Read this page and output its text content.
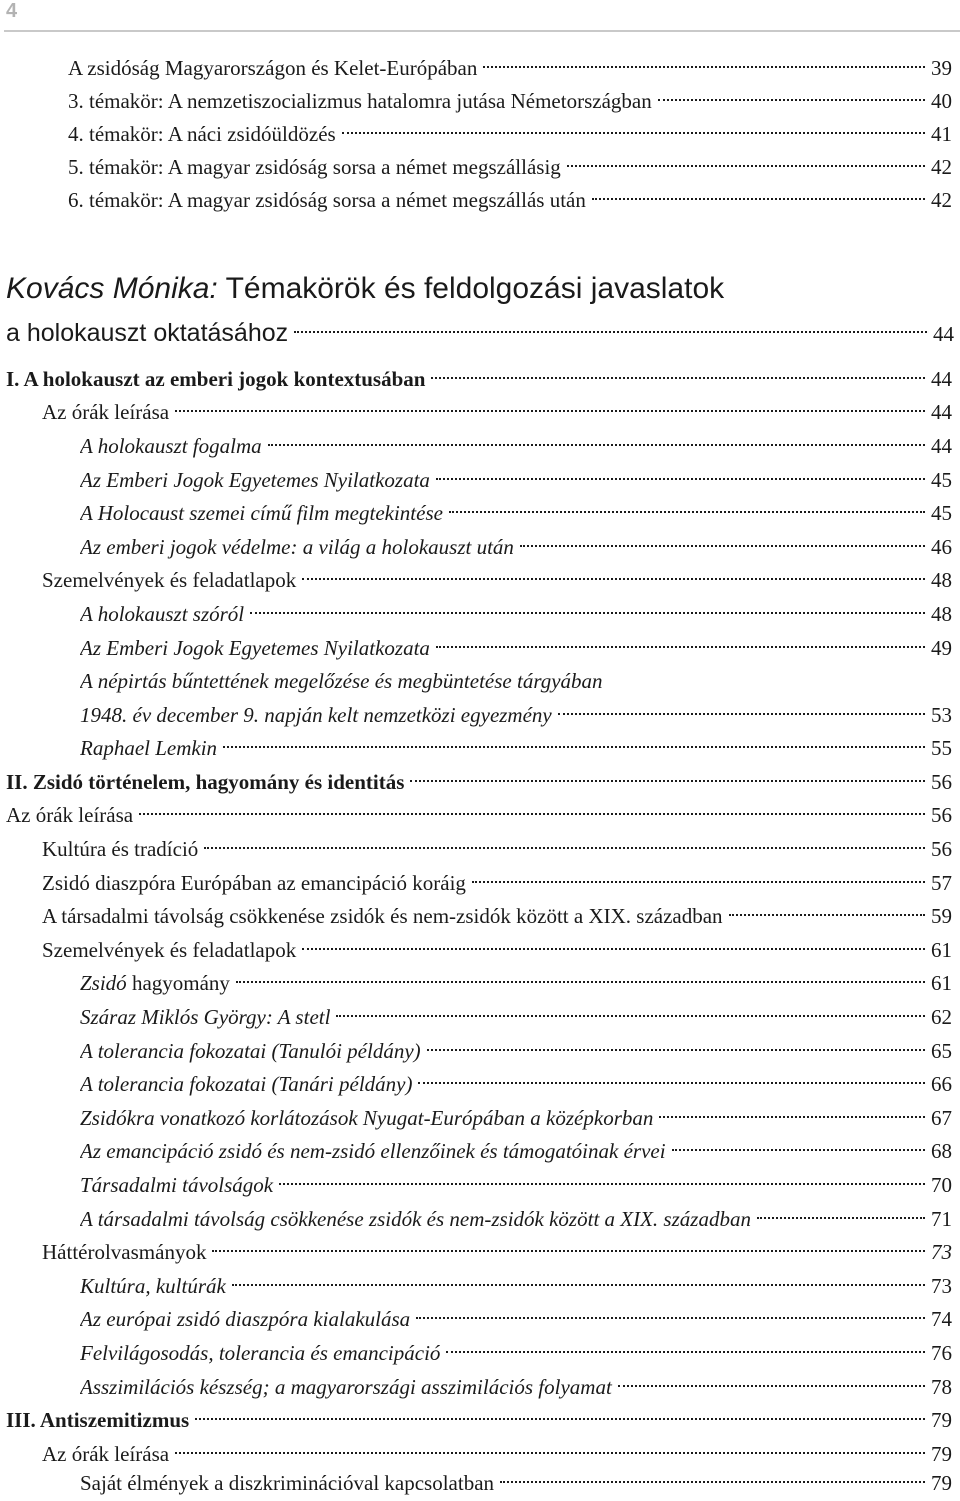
4
A zsidóság Magyarországon és Kelet-Európában	39
3. témakör: A nemzetiszocializmus hatalomra jutása Németországban	40
4. témakör: A náci zsidóüldözés	41
5. témakör: A magyar zsidóság sorsa a német megszállásig	42
6. témakör: A magyar zsidóság sorsa a német megszállás után	42
Kovács Mónika: Témakörök és feldolgozási javaslatok
a holokauszt oktatásához	44
I. A holokauszt az emberi jogok kontextusában	44
Az órák leírása	44
A holokauszt fogalma	44
Az Emberi Jogok Egyetemes Nyilatkozata	45
A Holocaust szemei című film megtekintése	45
Az emberi jogok védelme: a világ a holokauszt után	46
Szemelvények és feladatlapok	48
A holokauszt szóról	48
Az Emberi Jogok Egyetemes Nyilatkozata	49
A népirtás bűntettének megelőzése és megbüntetése tárgyában
1948. év december 9. napján kelt nemzetközi egyezmény	53
Raphael Lemkin	55
II. Zsidó történelem, hagyomány és identitás	56
Az órák leírása	56
Kultúra és tradíció	56
Zsidó diaszpóra Európában az emancipáció koráig	57
A társadalmi távolság csökkenése zsidók és nem-zsidók között a XIX. században	59
Szemelvények és feladatlapok	61
Zsidó hagyomány	61
Száraz Miklós György: A stetl	62
A tolerancia fokozatai (Tanulói példány)	65
A tolerancia fokozatai (Tanári példány)	66
Zsidókra vonatkozó korlátozások Nyugat-Európában a középkorban	67
Az emancipáció zsidó és nem-zsidó ellenzőinek és támogatóinak érvei	68
Társadalmi távolságok	70
A társadalmi távolság csökkenése zsidók és nem-zsidók között a XIX. században	71
Háttérolvasmányok	73
Kultúra, kultúrák	73
Az európai zsidó diaszpóra kialakulása	74
Felvilágosodás, tolerancia és emancipáció	76
Asszimilációs készség; a magyarországi asszimilációs folyamat	78
III. Antiszemitizmus	79
Az órák leírása	79
Saját élmények a diszkriminációval kapcsolatban	79
